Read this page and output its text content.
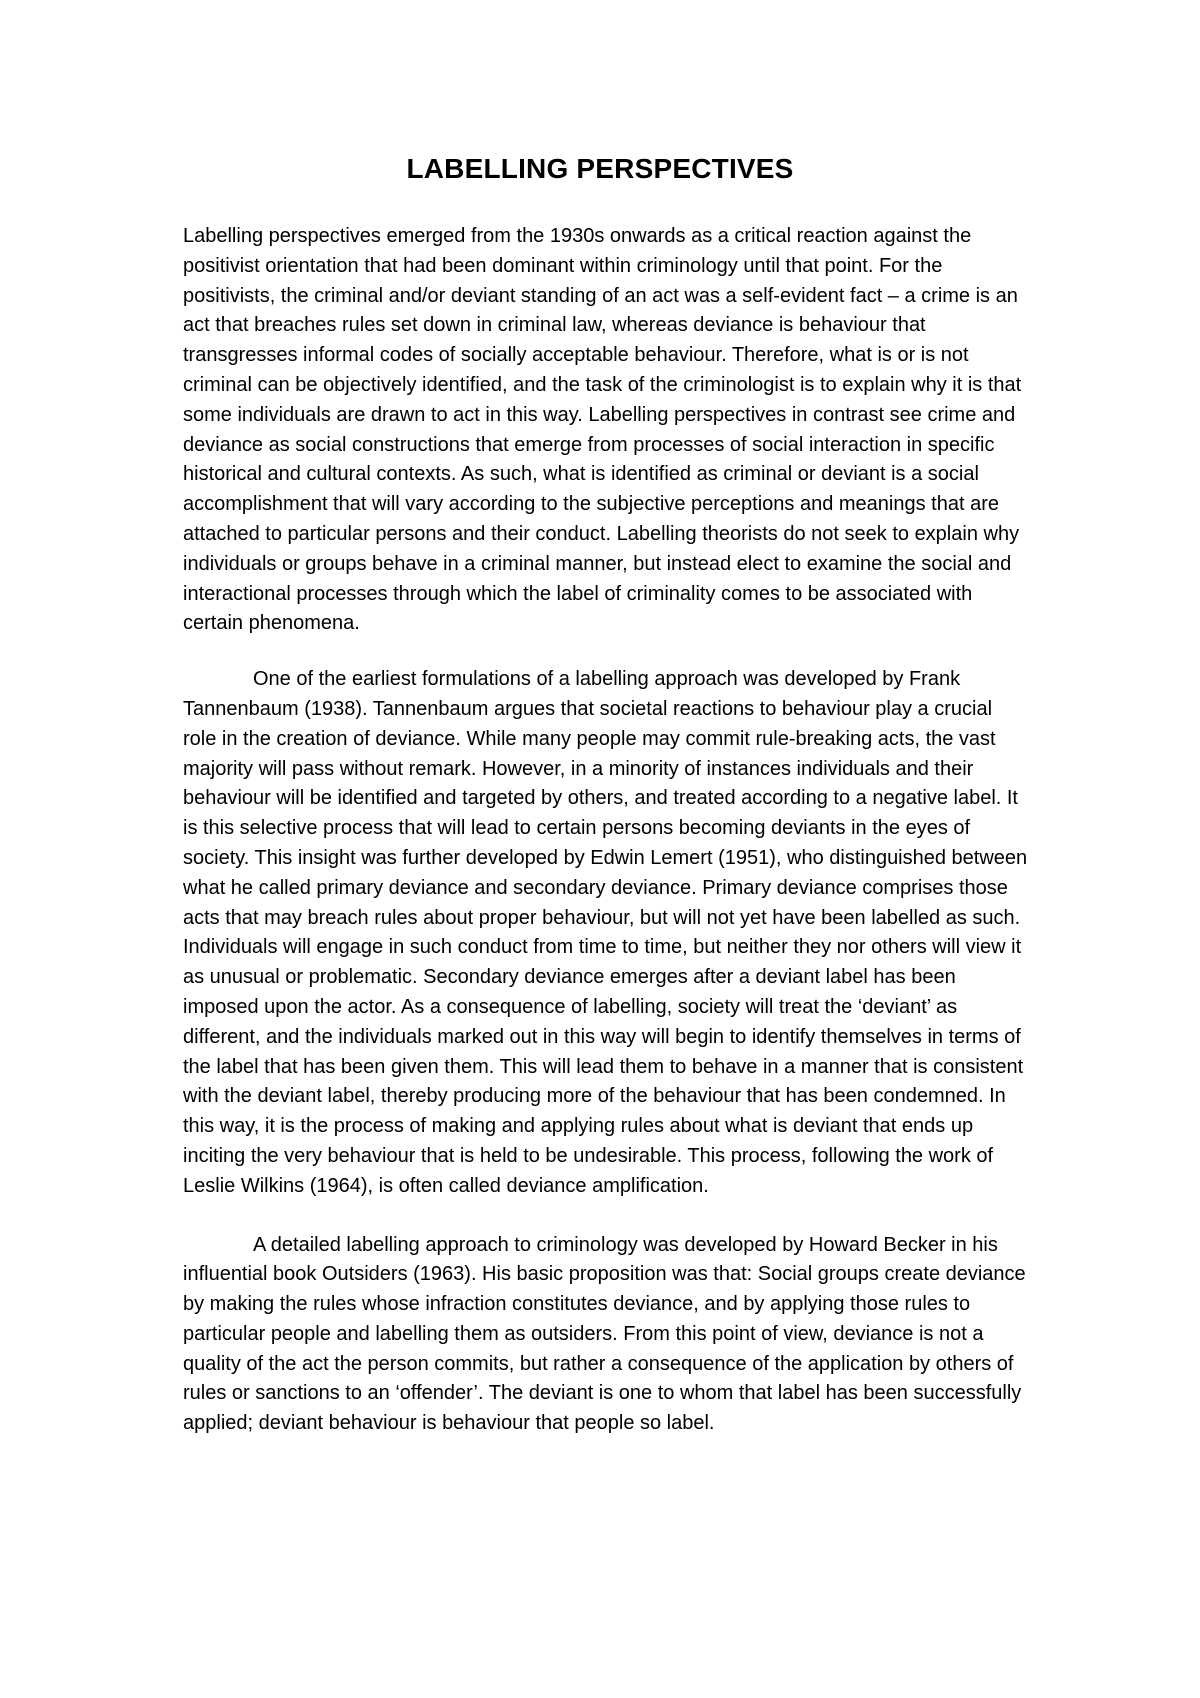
LABELLING PERSPECTIVES

Labelling perspectives emerged from the 1930s onwards as a critical reaction against the positivist orientation that had been dominant within criminology until that point. For the positivists, the criminal and/or deviant standing of an act was a self-evident fact – a crime is an act that breaches rules set down in criminal law, whereas deviance is behaviour that transgresses informal codes of socially acceptable behaviour. Therefore, what is or is not criminal can be objectively identified, and the task of the criminologist is to explain why it is that some individuals are drawn to act in this way. Labelling perspectives in contrast see crime and deviance as social constructions that emerge from processes of social interaction in specific historical and cultural contexts. As such, what is identified as criminal or deviant is a social accomplishment that will vary according to the subjective perceptions and meanings that are attached to particular persons and their conduct. Labelling theorists do not seek to explain why individuals or groups behave in a criminal manner, but instead elect to examine the social and interactional processes through which the label of criminality comes to be associated with certain phenomena.

One of the earliest formulations of a labelling approach was developed by Frank Tannenbaum (1938). Tannenbaum argues that societal reactions to behaviour play a crucial role in the creation of deviance. While many people may commit rule-breaking acts, the vast majority will pass without remark. However, in a minority of instances individuals and their behaviour will be identified and targeted by others, and treated according to a negative label. It is this selective process that will lead to certain persons becoming deviants in the eyes of society. This insight was further developed by Edwin Lemert (1951), who distinguished between what he called primary deviance and secondary deviance. Primary deviance comprises those acts that may breach rules about proper behaviour, but will not yet have been labelled as such. Individuals will engage in such conduct from time to time, but neither they nor others will view it as unusual or problematic. Secondary deviance emerges after a deviant label has been imposed upon the actor. As a consequence of labelling, society will treat the ‘deviant’ as different, and the individuals marked out in this way will begin to identify themselves in terms of the label that has been given them. This will lead them to behave in a manner that is consistent with the deviant label, thereby producing more of the behaviour that has been condemned. In this way, it is the process of making and applying rules about what is deviant that ends up inciting the very behaviour that is held to be undesirable. This process, following the work of Leslie Wilkins (1964), is often called deviance amplification.

A detailed labelling approach to criminology was developed by Howard Becker in his influential book Outsiders (1963). His basic proposition was that: Social groups create deviance by making the rules whose infraction constitutes deviance, and by applying those rules to particular people and labelling them as outsiders. From this point of view, deviance is not a quality of the act the person commits, but rather a consequence of the application by others of rules or sanctions to an ‘offender’. The deviant is one to whom that label has been successfully applied; deviant behaviour is behaviour that people so label.
